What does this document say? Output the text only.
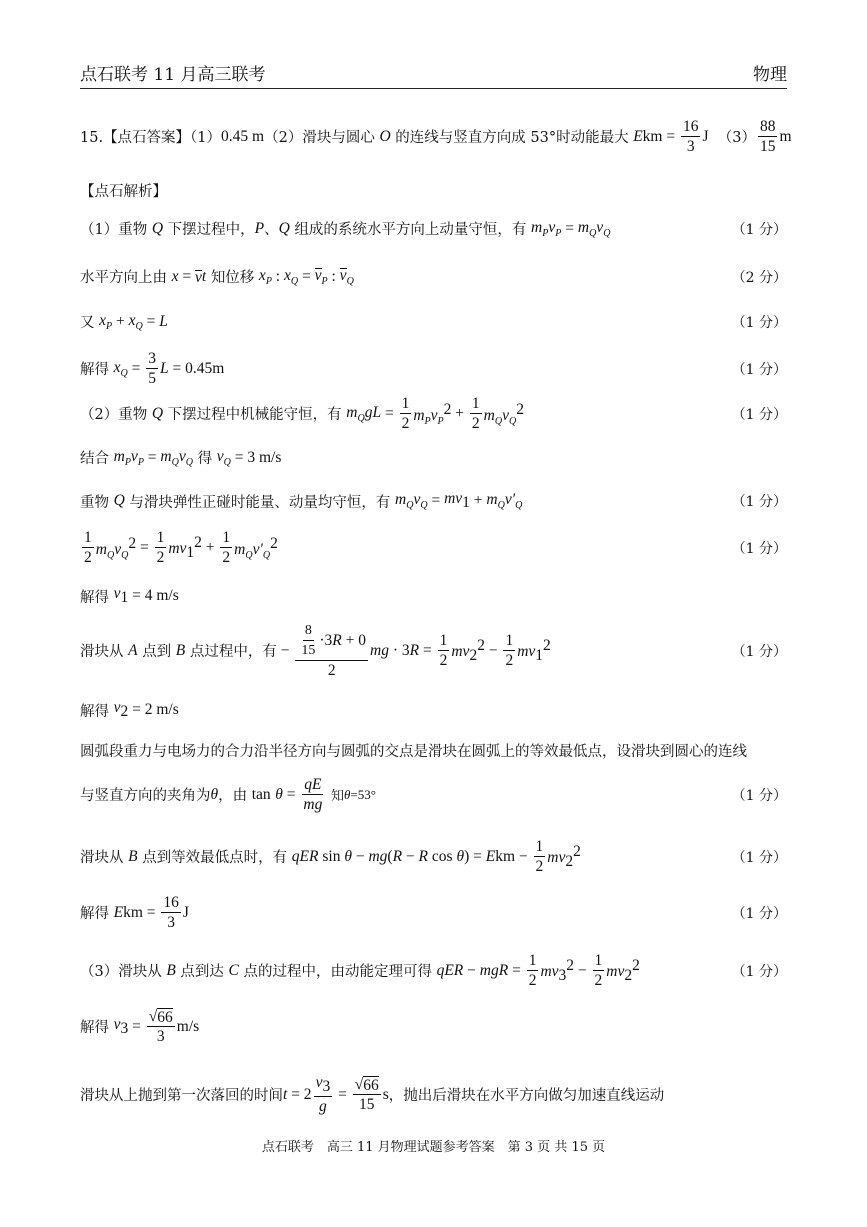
点石联考 11 月高三联考	物理
15.【点石答案】（1） 0.45 m （2）滑块与圆心
O
的连线与竖直方向成 53°时动能最大
E km = $\frac{16}{3}$ J
$(3) \frac{88}{15}$ m
【点石解析】
（1）重物
Q
下摆过程中， P 、 Q
组成的系统水平方向上动量守恒，有
$m_Pv_P = m_Qv_Q$	（1 分）
水平方向上由
x = v t
知位移
$x_P$ : $x_Q = v_P$ : $v_Q$	（2 分）
又
$x_P + x_Q = L$	（1 分）
解得
$x_Q = \frac{3}{5}$ L = 0.45m	（1 分）
（2）重物
Q
下摆过程中机械能守恒，有
$m_QgL = \frac{1}{2} m_Pv_P^2 + \frac{1}{2} m_Qv_Q^2$	（1 分）
结合
$m_Pv_P = m_Qv_Q$
得
$v_Q = 3$ m/s
重物
Q
与滑块弹性正碰时能量、动量均守恒，有
$m_Qv_Q = mv_1 + m_Qv'_Q$	（1 分）
$\frac{1}{2} m_Qv_Q^2 = \frac{1}{2} mv_1^2 + \frac{1}{2} m_Qv'_Q^2$	（1 分）
解得
$v_1 = 4$ m/s
滑块从
A
点到
B
点过程中，有 − $\frac{\frac{8}{15} \cdot 3 R + 0}{2}$ mg · 3 $R = \frac{1}{2} mv_2^2 - \frac{1}{2} mv_1^2$	（1 分）
解得
$v_2 = 2$ m/s
圆弧段重力与电场力的合力沿半径方向与圆弧的交点是滑块在圆弧上的等效最低点，设滑块到圆心的连线
与竖直方向的夹角为 θ ，由
tan
$\theta = \frac{qE}{mg}$
知 θ =53°	（1 分）
滑块从
B
点到等效最低点时，有
qER sin θ − mg ( R − R cos θ ) = E km − $\frac{1}{2} mv_2^2$	（1 分）
解得
E km = $\frac{16}{3}$ J	（1 分）
（3）滑块从
B
点到达
C
点的过程中，由动能定理可得
qER − mgR = $\frac{1}{2} mv_3^2 - \frac{1}{2} mv_2^2$	（1 分）
解得
$v_3 = \frac{√ 66}{3} m/s$
滑块从上抛到第一次落回的时间 $t = 2 \frac{v_3}{g} = \frac{√ 66}{15}$ s ，抛出后滑块在水平方向做匀加速直线运动
点石联考　高三 11 月物理试题参考答案　第 3 页 共 15 页
